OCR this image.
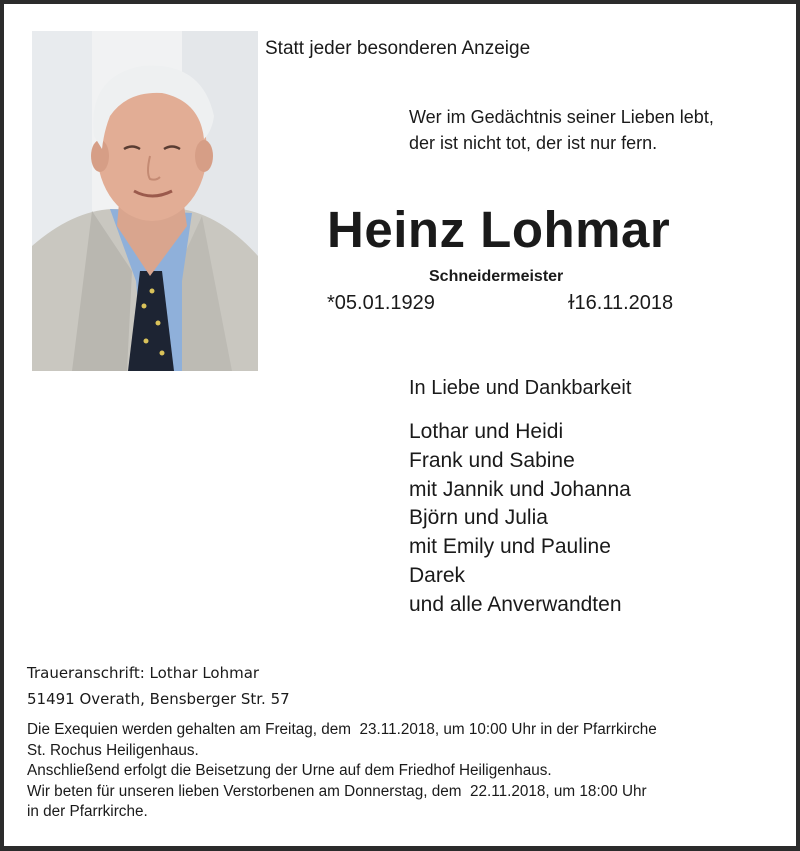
Statt jeder besonderen Anzeige
Wer im Gedächtnis seiner Lieben lebt,
der ist nicht tot, der ist nur fern.
Heinz Lohmar
Schneidermeister
*05.01.1929	ɫ16.11.2018
In Liebe und Dankbarkeit
Lothar und Heidi
Frank und Sabine
mit Jannik und Johanna
Björn und Julia
mit Emily und Pauline
Darek
und alle Anverwandten
Traueranschrift: Lothar Lohmar
51491 Overath, Bensberger Str. 57
Die Exequien werden gehalten am Freitag, dem  23.11.2018, um 10:00 Uhr in der Pfarrkirche
St. Rochus Heiligenhaus.
Anschließend erfolgt die Beisetzung der Urne auf dem Friedhof Heiligenhaus.
Wir beten für unseren lieben Verstorbenen am Donnerstag, dem  22.11.2018, um 18:00 Uhr
in der Pfarrkirche.
